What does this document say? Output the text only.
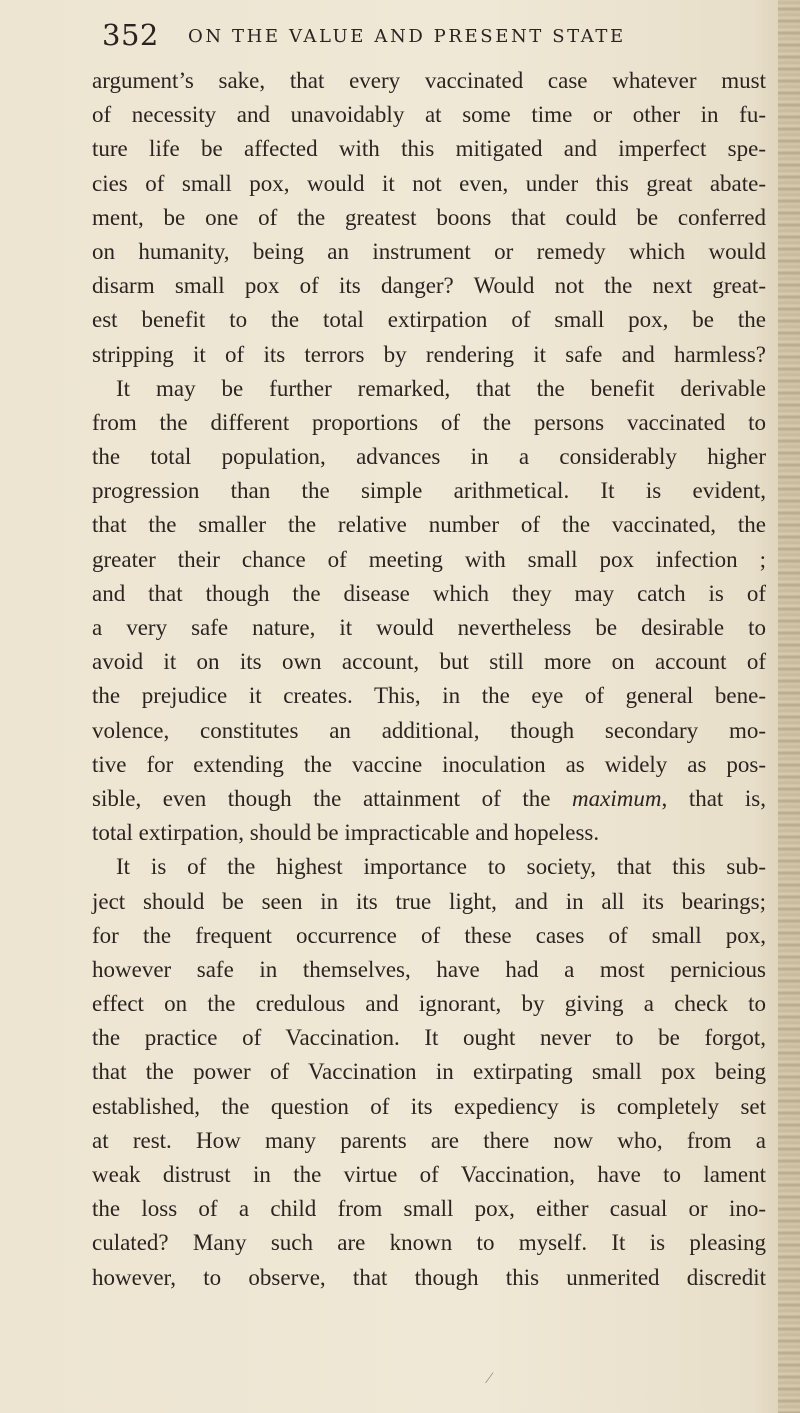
352 ON THE VALUE AND PRESENT STATE
argument’s sake, that every vaccinated case whatever must
of necessity and unavoidably at some time or other in fu-
ture life be affected with this mitigated and imperfect spe-
cies of small pox, would it not even, under this great abate-
ment, be one of the greatest boons that could be conferred
on humanity, being an instrument or remedy which would
disarm small pox of its danger? Would not the next great-
est benefit to the total extirpation of small pox, be the
stripping it of its terrors by rendering it safe and harmless?
It may be further remarked, that the benefit derivable
from the different proportions of the persons vaccinated to
the total population, advances in a considerably higher
progression than the simple arithmetical. It is evident,
that the smaller the relative number of the vaccinated, the
greater their chance of meeting with small pox infection ;
and that though the disease which they may catch is of
a very safe nature, it would nevertheless be desirable to
avoid it on its own account, but still more on account of
the prejudice it creates. This, in the eye of general bene-
volence, constitutes an additional, though secondary mo-
tive for extending the vaccine inoculation as widely as pos-
sible, even though the attainment of the maximum, that is,
total extirpation, should be impracticable and hopeless.
It is of the highest importance to society, that this sub-
ject should be seen in its true light, and in all its bearings;
for the frequent occurrence of these cases of small pox,
however safe in themselves, have had a most pernicious
effect on the credulous and ignorant, by giving a check to
the practice of Vaccination. It ought never to be forgot,
that the power of Vaccination in extirpating small pox being
established, the question of its expediency is completely set
at rest. How many parents are there now who, from a
weak distrust in the virtue of Vaccination, have to lament
the loss of a child from small pox, either casual or ino-
culated? Many such are known to myself. It is pleasing
however, to observe, that though this unmerited discredit
⁄
